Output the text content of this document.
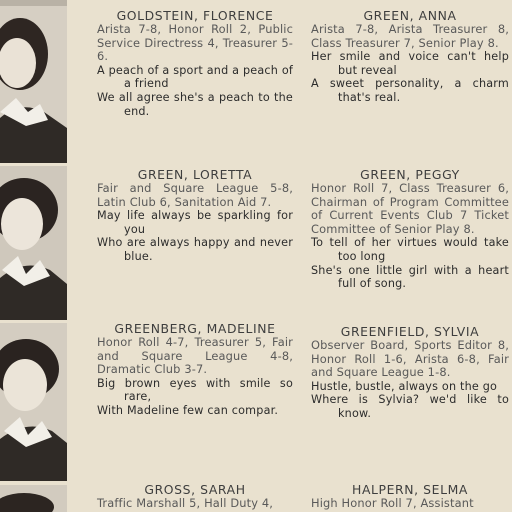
GOLDSTEIN, FLORENCE
Arista 7-8, Honor Roll 2, Public Service Directress 4, Treasurer 5-6.
A peach of a sport and a peach of a friend
We all agree she's a peach to the end.
GREEN, ANNA
Arista 7-8, Arista Treasurer 8, Class Treasurer 7, Senior Play 8.
Her smile and voice can't help but reveal
A sweet personality, a charm that's real.
GREEN, LORETTA
Fair and Square League 5-8, Latin Club 6, Sanitation Aid 7.
May life always be sparkling for you
Who are always happy and never blue.
GREEN, PEGGY
Honor Roll 7, Class Treasurer 6, Chairman of Program Committee of Current Events Club 7 Ticket Committee of Senior Play 8.
To tell of her virtues would take too long
She's one little girl with a heart full of song.
GREENBERG, MADELINE
Honor Roll 4-7, Treasurer 5, Fair and Square League 4-8, Dramatic Club 3-7.
Big brown eyes with smile so rare,
With Madeline few can compar.
GREENFIELD, SYLVIA
Observer Board, Sports Editor 8, Honor Roll 1-6, Arista 6-8, Fair and Square League 1-8.
Hustle, bustle, always on the go
Where is Sylvia? we'd like to know.
GROSS, SARAH
Traffic Marshall 5, Hall Duty 4,
HALPERN, SELMA
High Honor Roll 7, Assistant
